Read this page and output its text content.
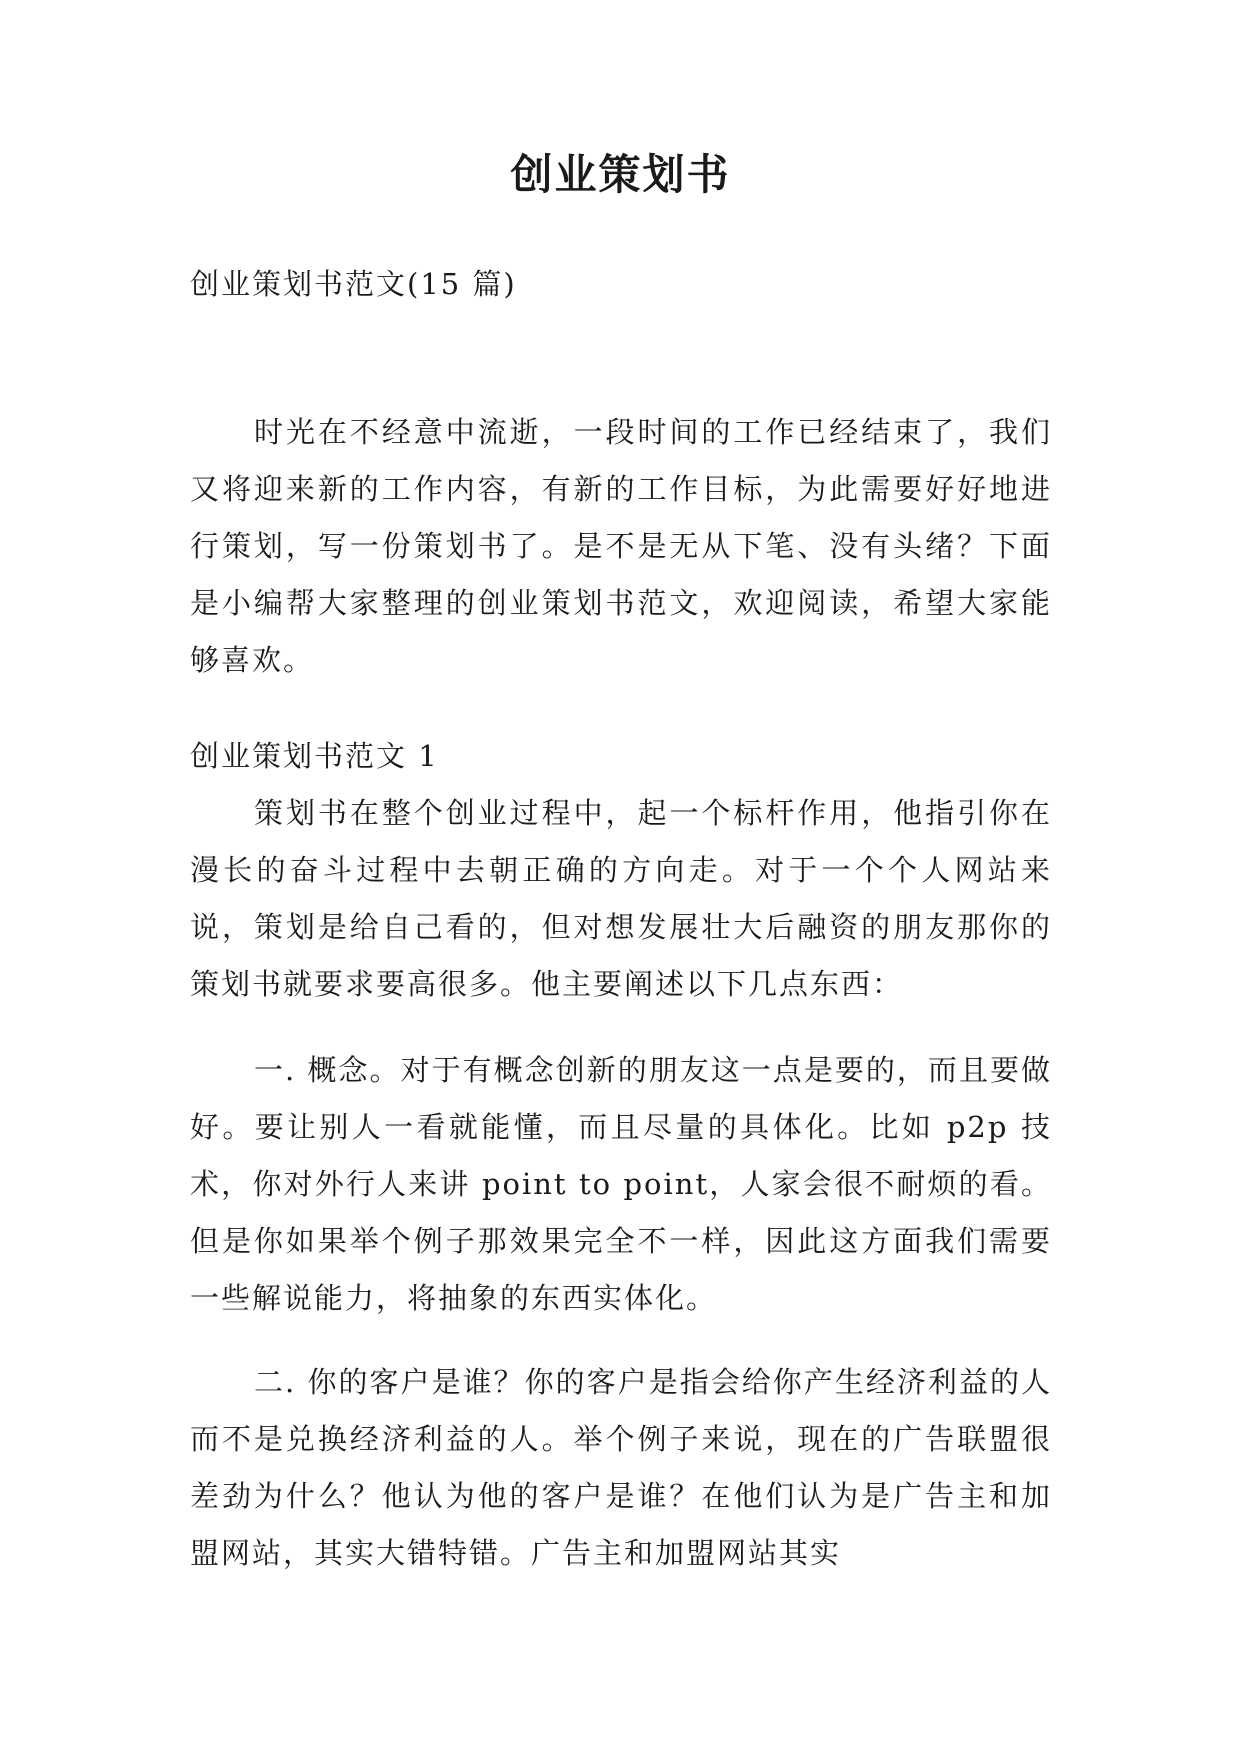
创业策划书

创业策划书范文(15 篇)

时光在不经意中流逝，一段时间的工作已经结束了，我们又将迎来新的工作内容，有新的工作目标，为此需要好好地进行策划，写一份策划书了。是不是无从下笔、没有头绪？下面是小编帮大家整理的创业策划书范文，欢迎阅读，希望大家能够喜欢。

创业策划书范文 1

策划书在整个创业过程中，起一个标杆作用，他指引你在漫长的奋斗过程中去朝正确的方向走。对于一个个人网站来说，策划是给自己看的，但对想发展壮大后融资的朋友那你的策划书就要求要高很多。他主要阐述以下几点东西：

一. 概念。对于有概念创新的朋友这一点是要的，而且要做好。要让别人一看就能懂，而且尽量的具体化。比如 p2p 技术，你对外行人来讲 point to point，人家会很不耐烦的看。但是你如果举个例子那效果完全不一样，因此这方面我们需要一些解说能力，将抽象的东西实体化。

二. 你的客户是谁？你的客户是指会给你产生经济利益的人而不是兑换经济利益的人。举个例子来说，现在的广告联盟很差劲为什么？他认为他的客户是谁？在他们认为是广告主和加盟网站，其实大错特错。广告主和加盟网站其实
